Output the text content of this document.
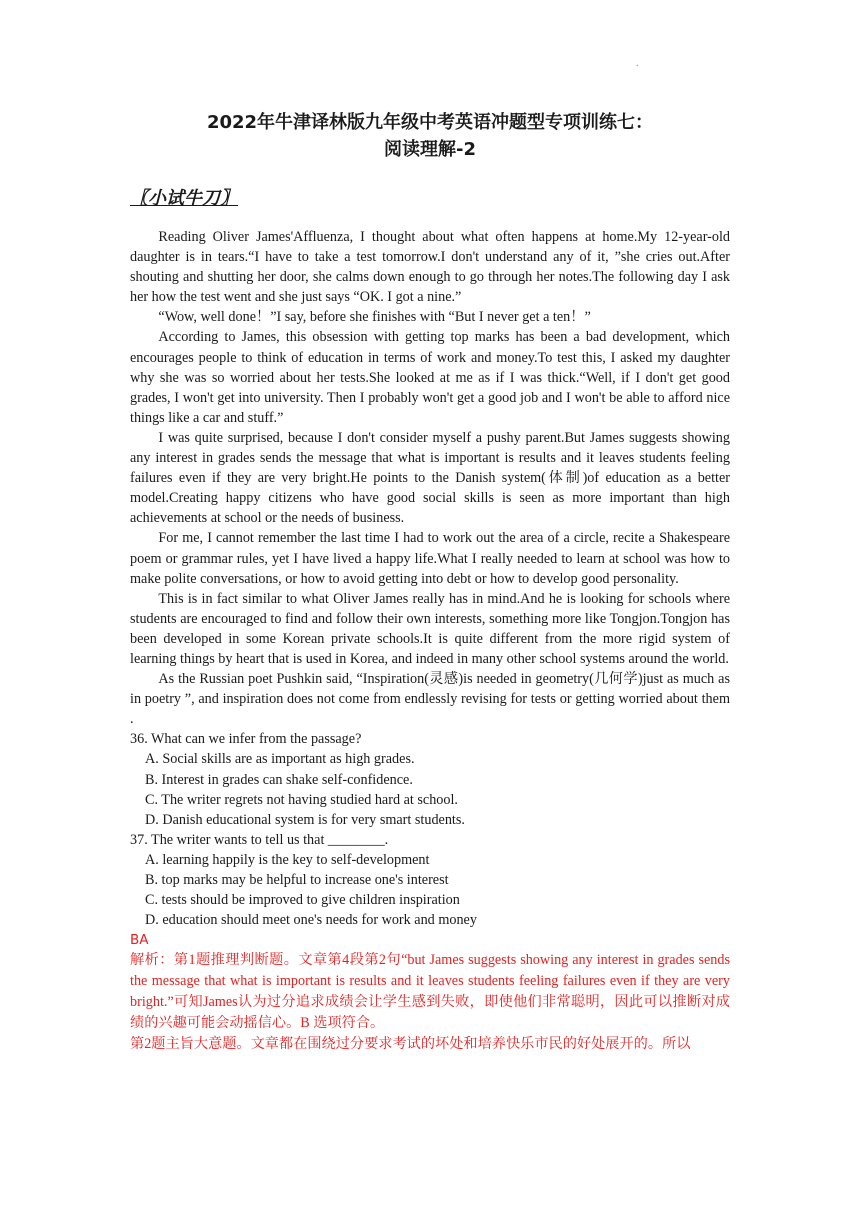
.
2022年牛津译林版九年级中考英语冲题型专项训练七：
阅读理解-2
〖小试牛刀〗

Reading Oliver James'Affluenza, I thought about what often happens at home.My 12-year-old daughter is in tears.“I have to take a test tomorrow.I don't understand any of it, ”she cries out.After shouting and shutting her door, she calms down enough to go through her notes.The following day I ask her how the test went and she just says “OK. I got a nine.”

“Wow, well done！”I say, before she finishes with “But I never get a ten！”

According to James, this obsession with getting top marks has been a bad development, which encourages people to think of education in terms of work and money.To test this, I asked my daughter why she was so worried about her tests.She looked at me as if I was thick.“Well, if I don't get good grades, I won't get into university. Then I probably won't get a good job and I won't be able to afford nice things like a car and stuff.”

I was quite surprised, because I don't consider myself a pushy parent.But James suggests showing any interest in grades sends the message that what is important is results and it leaves students feeling failures even if they are very bright.He points to the Danish system(体制)of education as a better model.Creating happy citizens who have good social skills is seen as more important than high achievements at school or the needs of business.

For me, I cannot remember the last time I had to work out the area of a circle, recite a Shakespeare poem or grammar rules, yet I have lived a happy life.What I really needed to learn at school was how to make polite conversations, or how to avoid getting into debt or how to develop good personality.

This is in fact similar to what Oliver James really has in mind.And he is looking for schools where students are encouraged to find and follow their own interests, something more like Tongjon.Tongjon has been developed in some Korean private schools.It is quite different from the more rigid system of learning things by heart that is used in Korea, and indeed in many other school systems around the world.

As the Russian poet Pushkin said, “Inspiration(灵感)is needed in geometry(几何学)just as much as in poetry ”, and inspiration does not come from endlessly revising for tests or getting worried about them .

36. What can we infer from the passage?
A. Social skills are as important as high grades.
B. Interest in grades can shake self-confidence.
C. The writer regrets not having studied hard at school.
D. Danish educational system is for very smart students.
37. The writer wants to tell us that ________.
A. learning happily is the key to self-development
B. top marks may be helpful to increase one's interest
C. tests should be improved to give children inspiration
D. education should meet one's needs for work and money
BA
解析：第1题推理判断题。文章第4段第2句“but James suggests showing any interest in grades sends the message that what is important is results and it leaves students feeling failures even if they are very bright.”可知James认为过分追求成绩会让学生感到失败，即使他们非常聪明，因此可以推断对成绩的兴趣可能会动摇信心。B 选项符合。
第2题主旨大意题。文章都在围绕过分要求考试的坏处和培养快乐市民的好处展开的。所以
